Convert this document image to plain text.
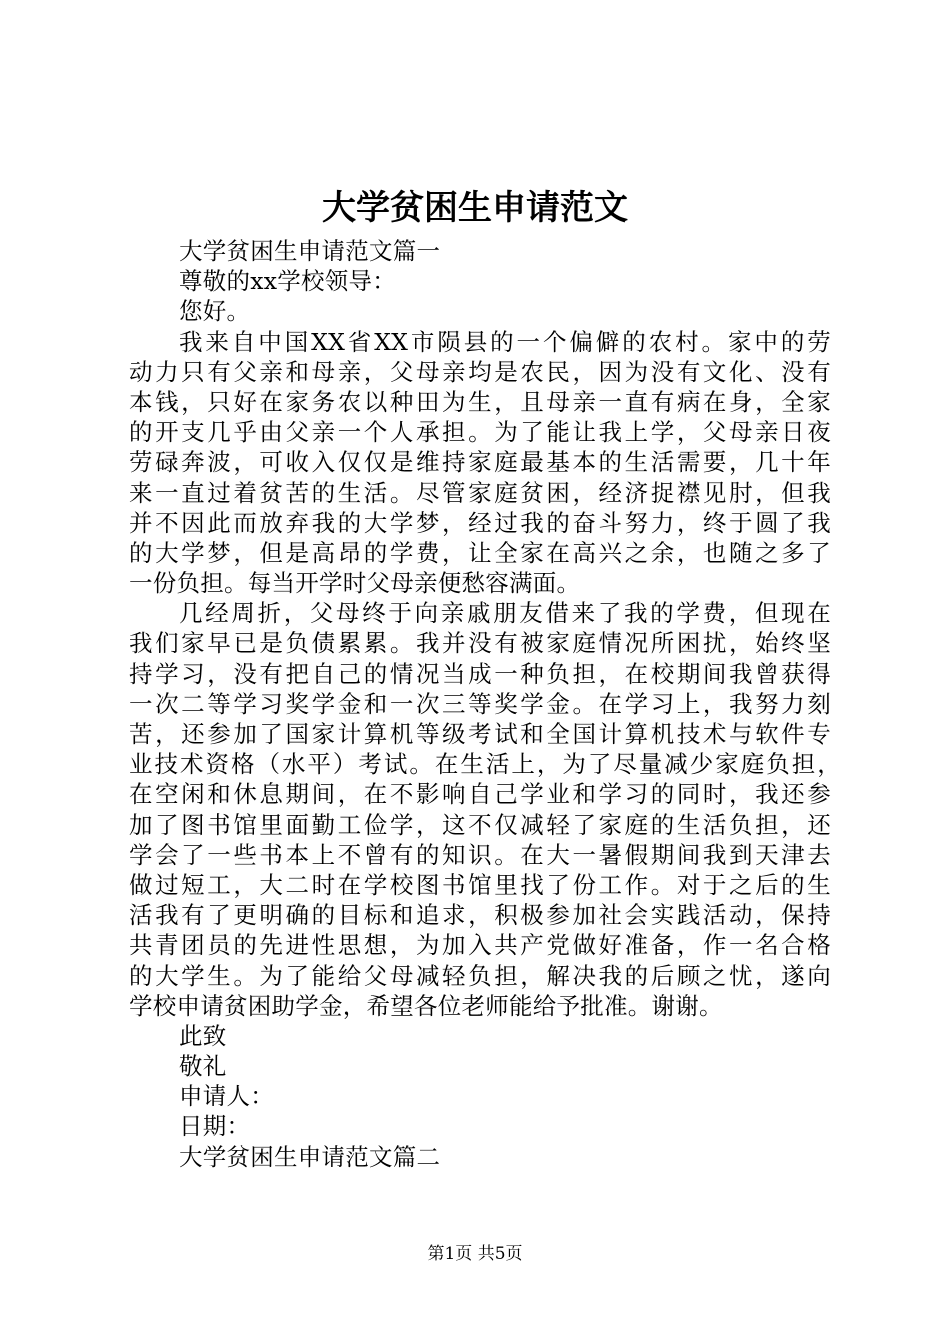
大学贫困生申请范文
大学贫困生申请范文篇一
尊敬的xx学校领导：
您好。
我来自中国XX省XX市陨县的一个偏僻的农村。家中的劳
动力只有父亲和母亲，父母亲均是农民，因为没有文化、没有
本钱，只好在家务农以种田为生，且母亲一直有病在身，全家
的开支几乎由父亲一个人承担。为了能让我上学，父母亲日夜
劳碌奔波，可收入仅仅是维持家庭最基本的生活需要，几十年
来一直过着贫苦的生活。尽管家庭贫困，经济捉襟见肘，但我
并不因此而放弃我的大学梦，经过我的奋斗努力，终于圆了我
的大学梦，但是高昂的学费，让全家在高兴之余，也随之多了
一份负担。每当开学时父母亲便愁容满面。
几经周折，父母终于向亲戚朋友借来了我的学费，但现在
我们家早已是负债累累。我并没有被家庭情况所困扰，始终坚
持学习，没有把自己的情况当成一种负担，在校期间我曾获得
一次二等学习奖学金和一次三等奖学金。在学习上，我努力刻
苦，还参加了国家计算机等级考试和全国计算机技术与软件专
业技术资格（水平）考试。在生活上，为了尽量减少家庭负担，
在空闲和休息期间，在不影响自己学业和学习的同时，我还参
加了图书馆里面勤工俭学，这不仅减轻了家庭的生活负担，还
学会了一些书本上不曾有的知识。在大一暑假期间我到天津去
做过短工，大二时在学校图书馆里找了份工作。对于之后的生
活我有了更明确的目标和追求，积极参加社会实践活动，保持
共青团员的先进性思想，为加入共产党做好准备，作一名合格
的大学生。为了能给父母减轻负担，解决我的后顾之忧，遂向
学校申请贫困助学金，希望各位老师能给予批准。谢谢。
此致
敬礼
申请人：
日期：
大学贫困生申请范文篇二
第1页 共5页
